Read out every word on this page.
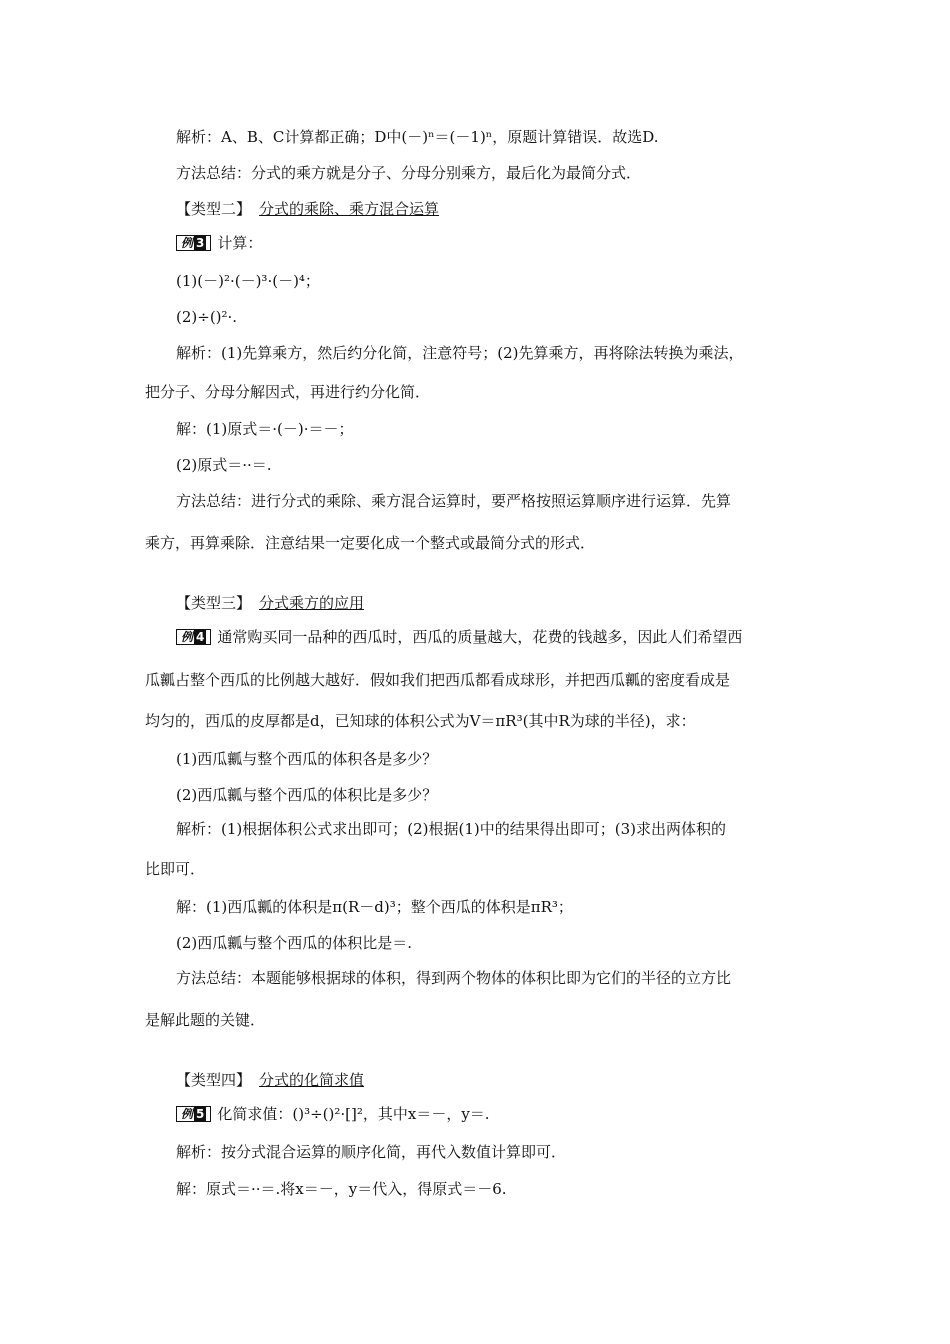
解析：A、B、C计算都正确；D中(－)ⁿ＝(－1)ⁿ，原题计算错误．故选D.
方法总结：分式的乘方就是分子、分母分别乘方，最后化为最简分式．
【类型二】 分式的乘除、乘方混合运算
例 3 计算：
(1)(－)²·(－)³·(－)⁴；
(2)÷()²·.
解析：(1)先算乘方，然后约分化简，注意符号；(2)先算乘方，再将除法转换为乘法，
把分子、分母分解因式，再进行约分化简．
解：(1)原式＝·(－)·＝－；
(2)原式＝··＝.
方法总结：进行分式的乘除、乘方混合运算时，要严格按照运算顺序进行运算．先算
乘方，再算乘除．注意结果一定要化成一个整式或最简分式的形式．
【类型三】 分式乘方的应用
例 4 通常购买同一品种的西瓜时，西瓜的质量越大，花费的钱越多，因此人们希望西
瓜瓤占整个西瓜的比例越大越好．假如我们把西瓜都看成球形，并把西瓜瓤的密度看成是
均匀的，西瓜的皮厚都是d，已知球的体积公式为V＝πR³(其中R为球的半径)，求：
(1)西瓜瓤与整个西瓜的体积各是多少？
(2)西瓜瓤与整个西瓜的体积比是多少？
解析：(1)根据体积公式求出即可；(2)根据(1)中的结果得出即可；(3)求出两体积的
比即可．
解：(1)西瓜瓤的体积是π(R－d)³；整个西瓜的体积是πR³；
(2)西瓜瓤与整个西瓜的体积比是＝.
方法总结：本题能够根据球的体积，得到两个物体的体积比即为它们的半径的立方比
是解此题的关键．
【类型四】 分式的化简求值
例 5 化简求值：()³÷()²·[]²，其中x＝－，y＝.
解析：按分式混合运算的顺序化简，再代入数值计算即可．
解：原式＝··＝.将x＝－，y＝代入，得原式＝－6.
